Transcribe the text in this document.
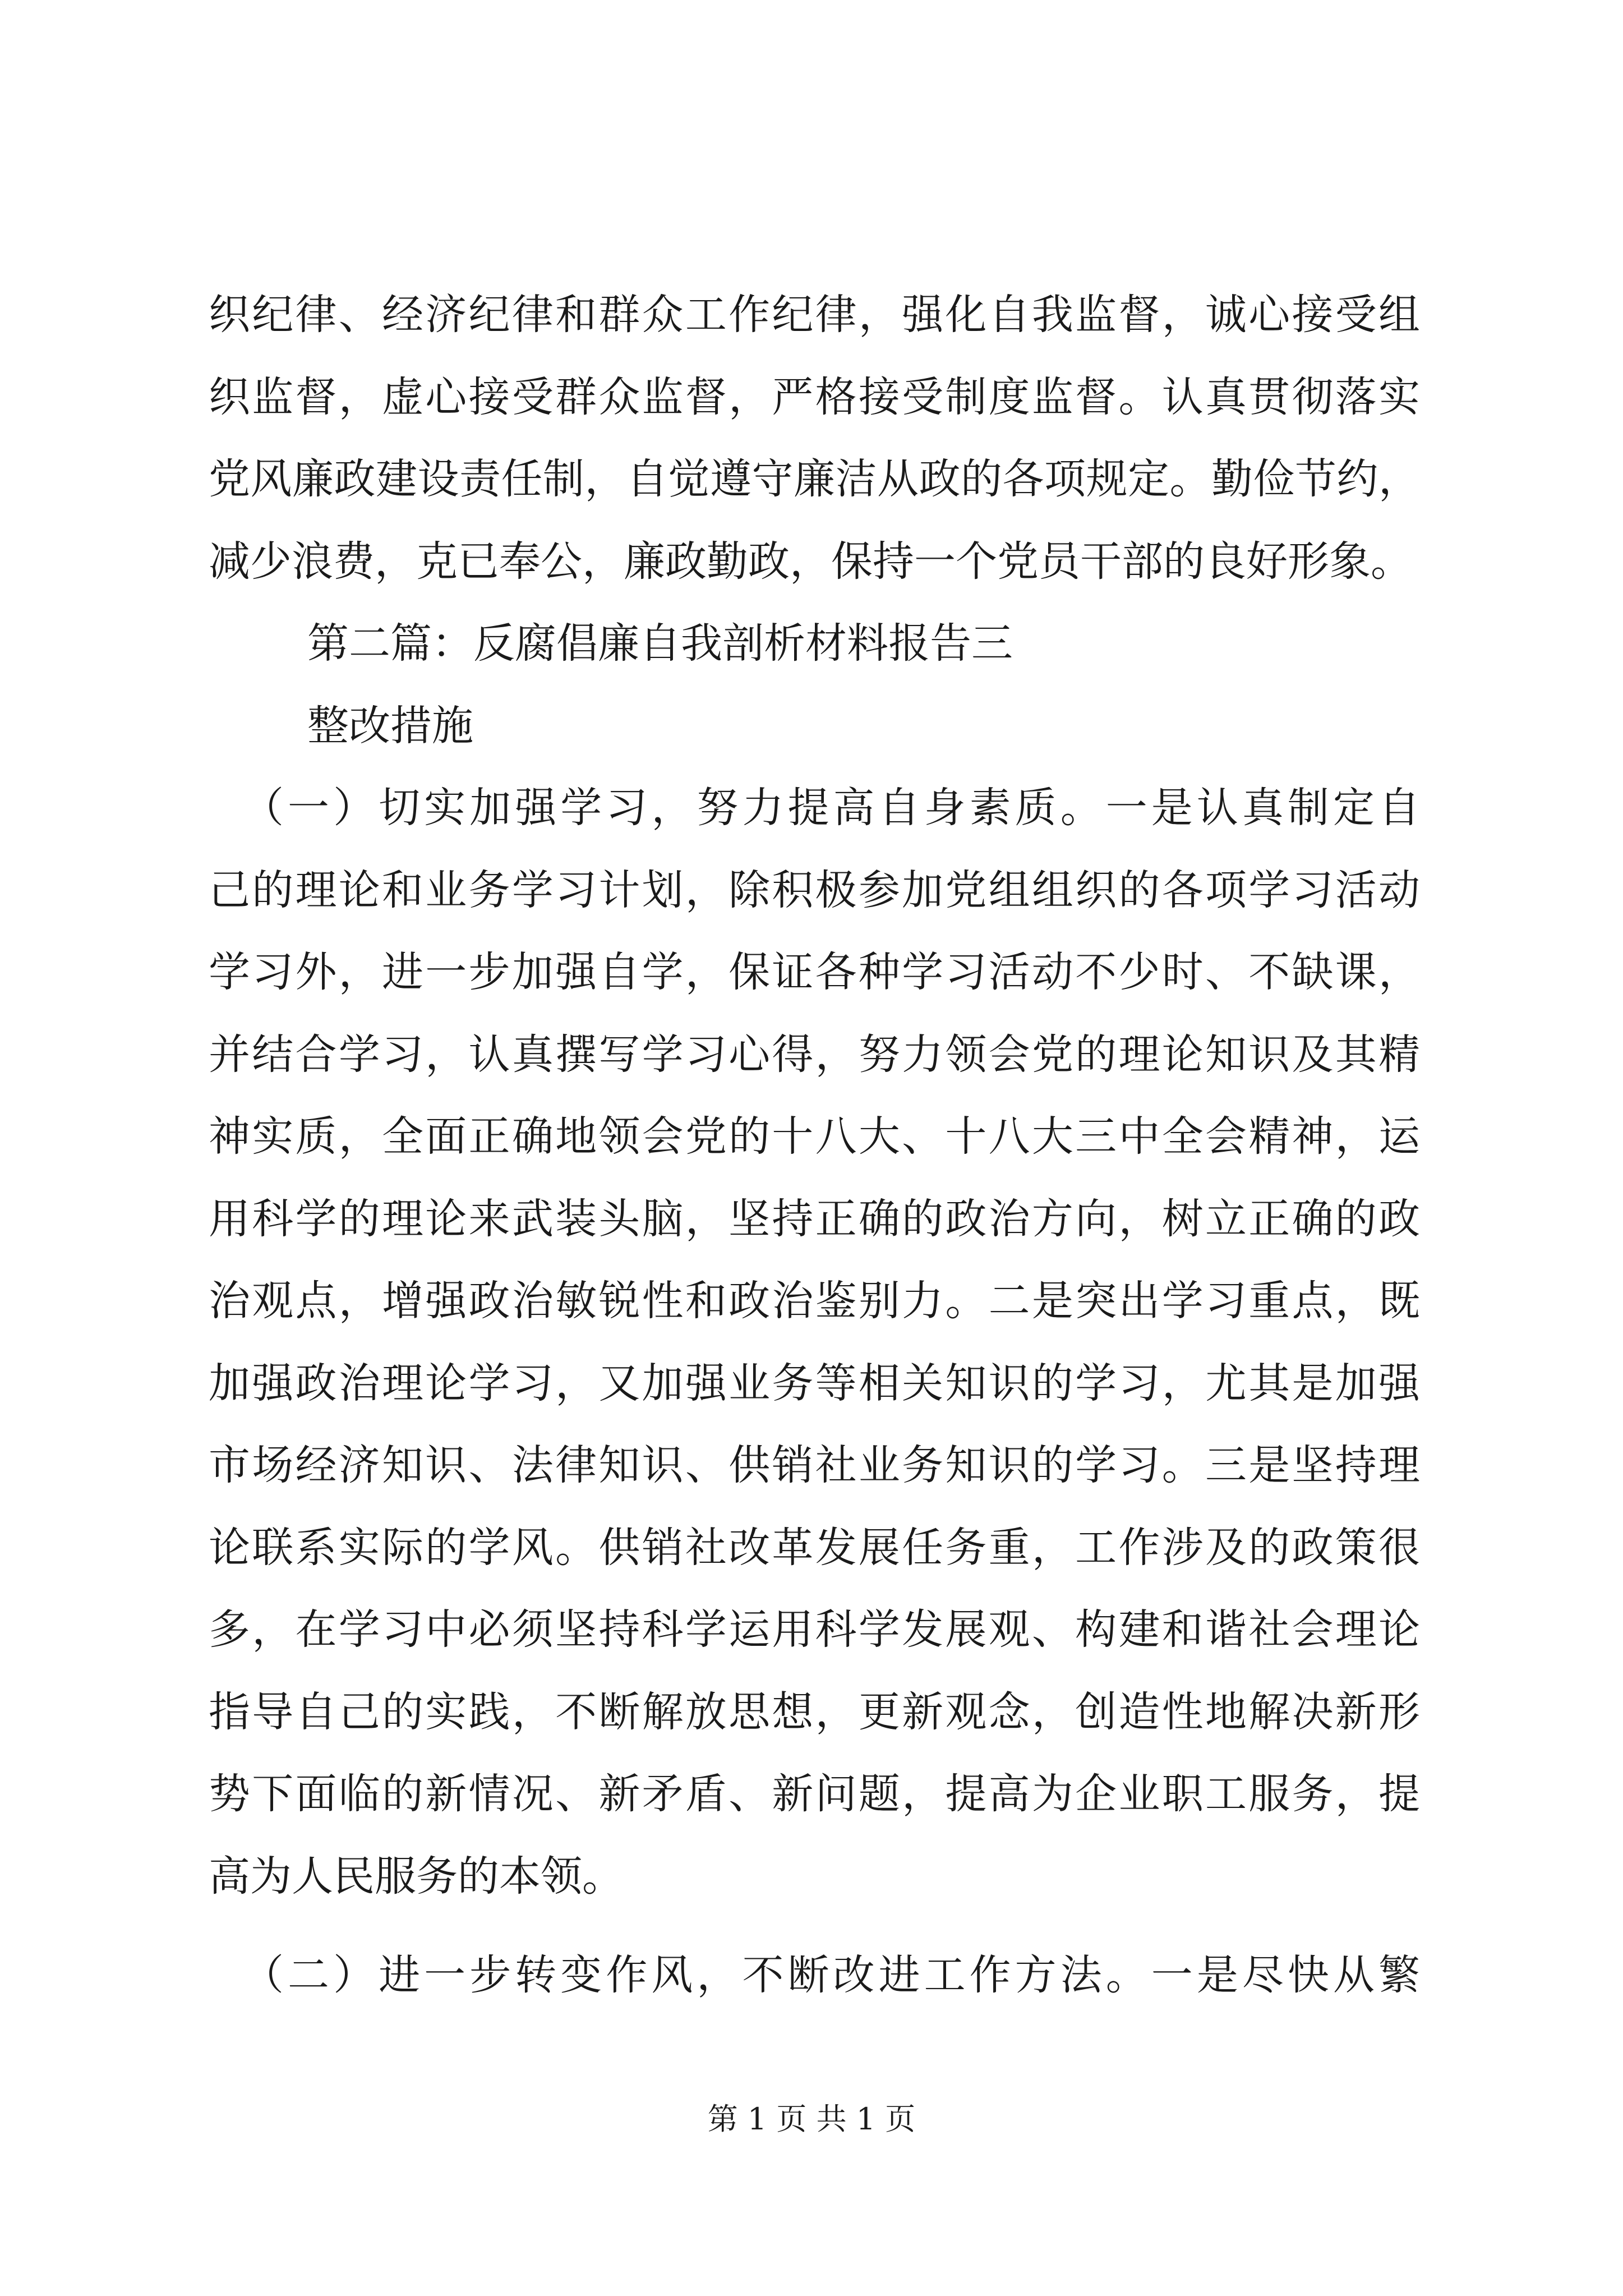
织纪律、经济纪律和群众工作纪律，强化自我监督，诚心接受组
织监督，虚心接受群众监督，严格接受制度监督。认真贯彻落实
党风廉政建设责任制，自觉遵守廉洁从政的各项规定。勤俭节约，
减少浪费，克已奉公，廉政勤政，保持一个党员干部的良好形象。
第二篇：反腐倡廉自我剖析材料报告三
整改措施
（一）切实加强学习，努力提高自身素质。一是认真制定自
己的理论和业务学习计划，除积极参加党组组织的各项学习活动
学习外，进一步加强自学，保证各种学习活动不少时、不缺课，
并结合学习，认真撰写学习心得，努力领会党的理论知识及其精
神实质，全面正确地领会党的十八大、十八大三中全会精神，运
用科学的理论来武装头脑，坚持正确的政治方向，树立正确的政
治观点，增强政治敏锐性和政治鉴别力。二是突出学习重点，既
加强政治理论学习，又加强业务等相关知识的学习，尤其是加强
市场经济知识、法律知识、供销社业务知识的学习。三是坚持理
论联系实际的学风。供销社改革发展任务重，工作涉及的政策很
多，在学习中必须坚持科学运用科学发展观、构建和谐社会理论
指导自己的实践，不断解放思想，更新观念，创造性地解决新形
势下面临的新情况、新矛盾、新问题，提高为企业职工服务，提
高为人民服务的本领。
（二）进一步转变作风，不断改进工作方法。一是尽快从繁
第 1 页 共 1 页
